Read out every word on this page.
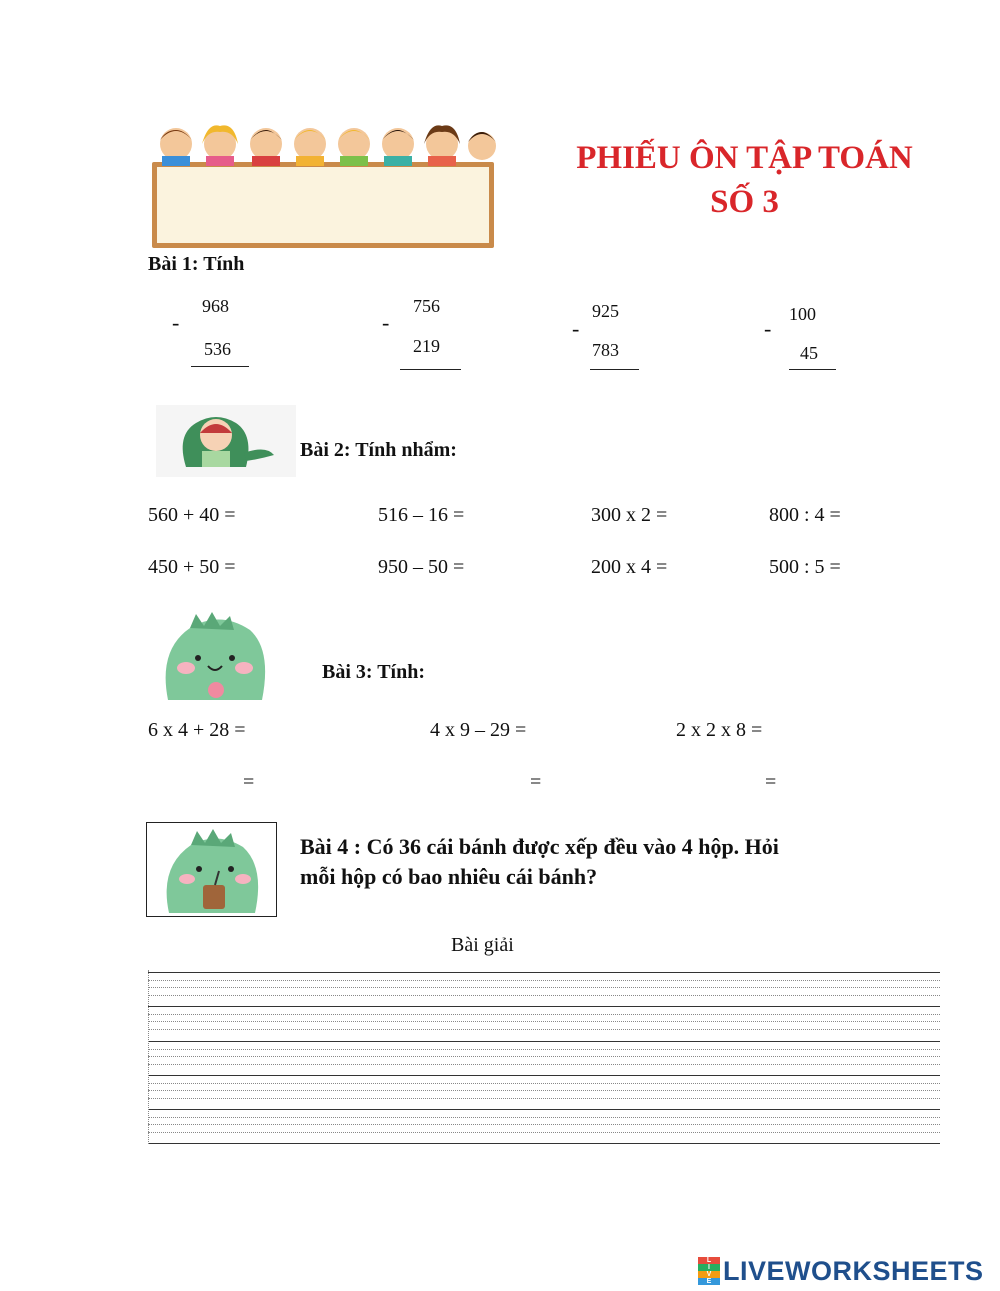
PHIẾU ÔN TẬP TOÁN
SỐ 3
Bài 1: Tính
-
968
536
-
756
219
-
925
783
-
100
45
Bài 2: Tính nhẩm:
560 + 40 =	516 – 16 =	300 x 2 =	800 : 4 =
450 + 50 =	950 – 50 =	200 x 4 =	500 : 5 =
Bài 3: Tính:
6 x 4 + 28 =	4 x 9 – 29 =	2 x 2 x 8 =
=	=	=
Bài 4 : Có 36 cái bánh được xếp đều vào 4 hộp. Hỏi
mỗi hộp có bao nhiêu cái bánh?
Bài giải
L
I
V
E LIVEWORKSHEETS
